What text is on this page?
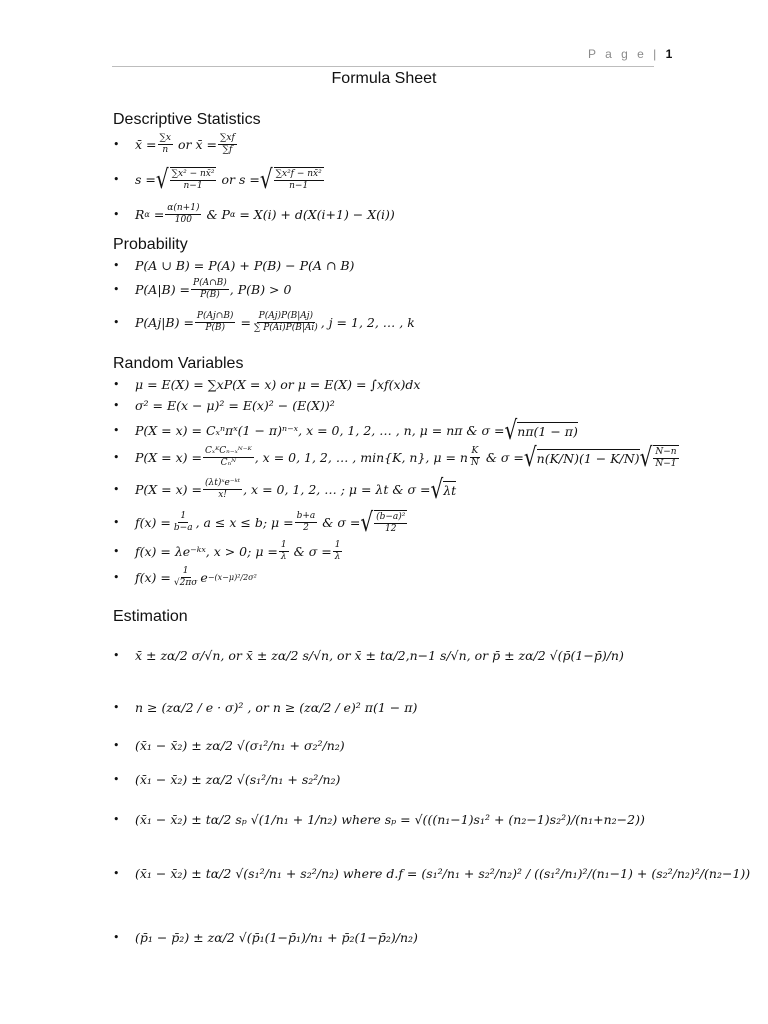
P a g e | 1
Formula Sheet
Descriptive Statistics
•	x̄ = $\frac{\sum x}{n}$
or x̄ = $\frac{\sum xf}{\sum f}$
•	s = √ ∑x² − nx̄²
n−1
or s = √ ∑x²f − nx̄²
n−1
•	R α
= $\frac{\alpha(n+1)}{100}$
& P α
= X(i) + d(X(i+1) − X(i))
Probability
•	P(A ∪ B) = P(A) + P(B) − P(A ∩ B)
•	$P(A|B) = \frac{P(A\cap B)}{P(B)}$ , P(B) > 0
•	$P(Aj|B) = \frac{P(Aj\cap B)}{P(B)}$
= $\frac{P(Aj)P(B|Aj)}{\sum P(Ai)P(B|Ai)}$ , j = 1, 2, … , k
Random Variables
•	μ = E(X) = ∑xP(X = x) or μ = E(X) = ∫xf(x)dx
•	σ² = E(x − μ)² = E(x)² − (E(X))²
•	P(X = x) = Cₓⁿπˣ(1 − π)ⁿ⁻ˣ, x = 0, 1, 2, … , n, μ = nπ & σ = √ nπ(1 − π)
•	P(X = x) = CₓᴷCₙ₋ₓᴺ⁻ᴷ
Cₙᴺ , x = 0, 1, 2, … , min{K, n}, μ = n K
N
& σ = √ n(K/N)(1 − K/N) √ N−n
N−1
•	$P(X = x) = \frac{\text{(λt)ˣe⁻ᵏᵗ}}{x!}$ , x = 0, 1, 2, … ; μ = λt & σ = √ λt
•	$f(x) = \frac{1}{b-a}$ , a ≤ x ≤ b; $\mu = \frac{b+a}{2}$
& σ = √ (b−a)²
12
•	f(x) = λe⁻ᵏˣ, x > 0; $\mu = \frac{1}{\lambda}$
& $\sigma = \frac{1}{\lambda}$
•	$f(x) = \frac{1}{√2\pi\sigma}$ e −(x−μ)²/2σ²
Estimation
•	x̄ ± zα/2 σ/√n, or x̄ ± zα/2 s/√n, or x̄ ± tα/2,n−1 s/√n, or p̄ ± zα/2 √(p̄(1−p̄)/n)
•	n ≥ (zα/2 / e · σ)² , or n ≥ (zα/2 / e)² π(1 − π)
•	(x̄₁ − x̄₂) ± zα/2 √(σ₁²/n₁ + σ₂²/n₂)
•	(x̄₁ − x̄₂) ± zα/2 √(s₁²/n₁ + s₂²/n₂)
•	(x̄₁ − x̄₂) ± tα/2 sₚ √(1/n₁ + 1/n₂) where sₚ = √(((n₁−1)s₁² + (n₂−1)s₂²)/(n₁+n₂−2))
•	(x̄₁ − x̄₂) ± tα/2 √(s₁²/n₁ + s₂²/n₂) where d.f = (s₁²/n₁ + s₂²/n₂)² / ((s₁²/n₁)²/(n₁−1) + (s₂²/n₂)²/(n₂−1))
•	(p̄₁ − p̄₂) ± zα/2 √(p̄₁(1−p̄₁)/n₁ + p̄₂(1−p̄₂)/n₂)
